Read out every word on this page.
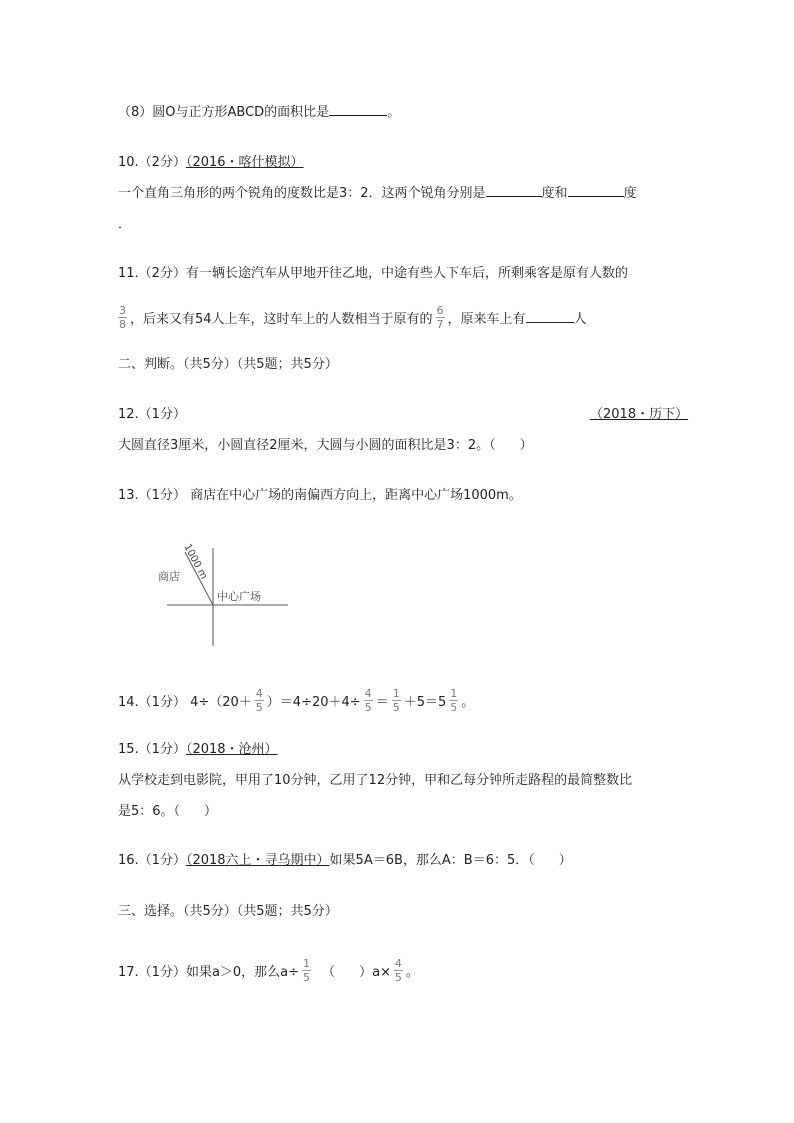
（8）圆O与正方形ABCD的面积比是	。
10.（2分）（2016・喀什模拟）
一个直角三角形的两个锐角的度数比是3：2．这两个锐角分别是	度和	度
．
11.（2分）有一辆长途汽车从甲地开往乙地，中途有些人下车后，所剩乘客是原有人数的
$\frac{3}{8}$ ，后来又有54人上车，这时车上的人数相当于原有的 $\frac{6}{7}$ ，原来车上有	人
二、判断。（共5分）（共5题；共5分）
12.（1分）	（2018・历下）
大圆直径3厘米，小圆直径2厘米，大圆与小圆的面积比是3：2。（ ）
13.（1分） 商店在中心广场的南偏西方向上，距离中心广场1000m。
商店
中心广场
1000 m
14.（1分） $4\div(20+ \frac{4}{5} )=4\div 20+4\div \frac{4}{5} = \frac{1}{5} +5=5 \frac{1}{5}$ 。
15.（1分）（2018・沧州）
从学校走到电影院，甲用了10分钟，乙用了12分钟，甲和乙每分钟所走路程的最简整数比
是5：6。（ ）
16.（1分）（2018六上・寻乌期中）如果5A＝6B，那么A：B＝6：5．（ ）
三、选择。（共5分）（共5题；共5分）
17.（1分）如果a＞0，那么$a\div \frac{1}{5}$ （ ）$a\times \frac{4}{5}$ 。
